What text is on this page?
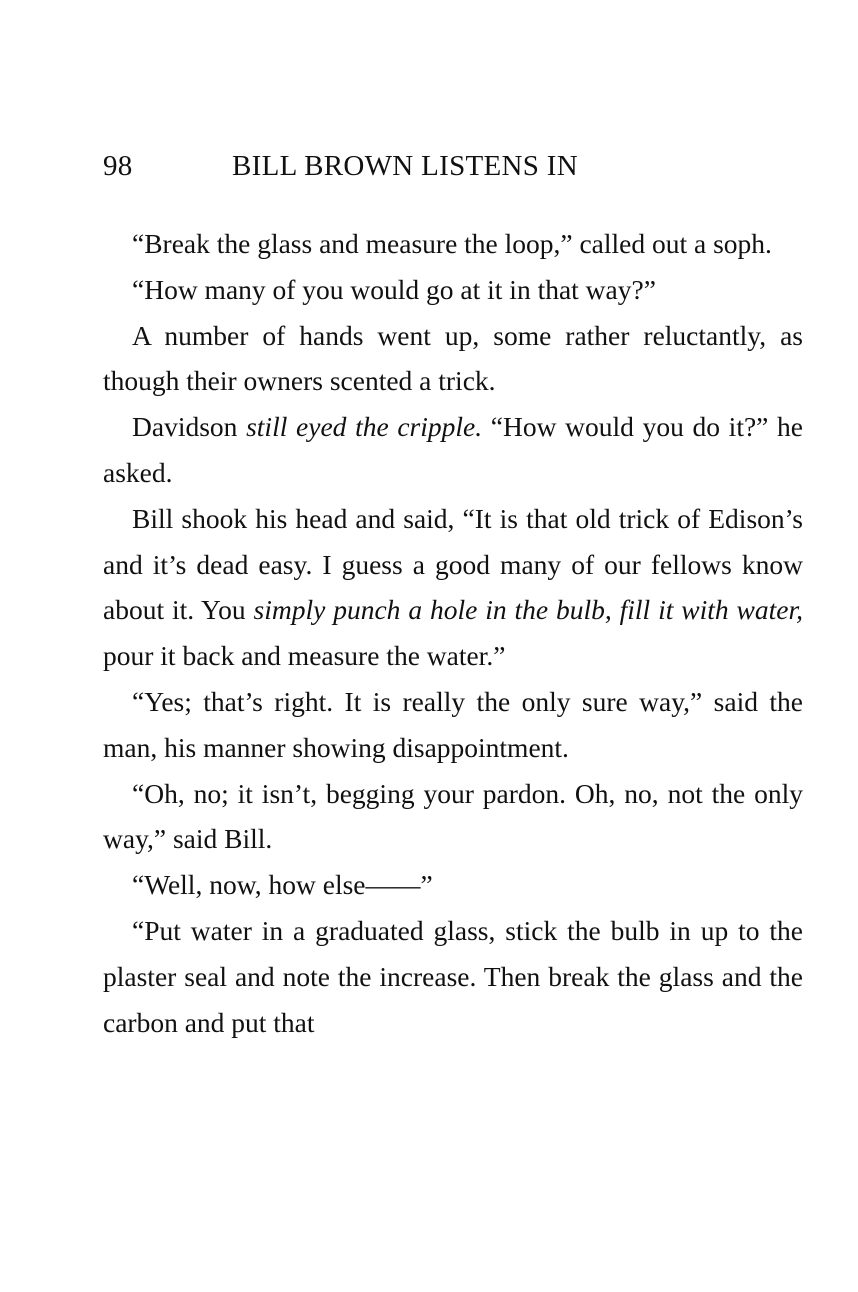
98	BILL BROWN LISTENS IN

“Break the glass and measure the loop,” called out a soph.

“How many of you would go at it in that way?”

A number of hands went up, some rather reluctantly, as though their owners scented a trick.

Davidson still eyed the cripple. “How would you do it?” he asked.

Bill shook his head and said, “It is that old trick of Edison’s and it’s dead easy. I guess a good many of our fellows know about it. You simply punch a hole in the bulb, fill it with water, pour it back and measure the water.”

“Yes; that’s right. It is really the only sure way,” said the man, his manner showing disappointment.

“Oh, no; it isn’t, begging your pardon. Oh, no, not the only way,” said Bill.

“Well, now, how else——”

“Put water in a graduated glass, stick the bulb in up to the plaster seal and note the increase. Then break the glass and the carbon and put that
